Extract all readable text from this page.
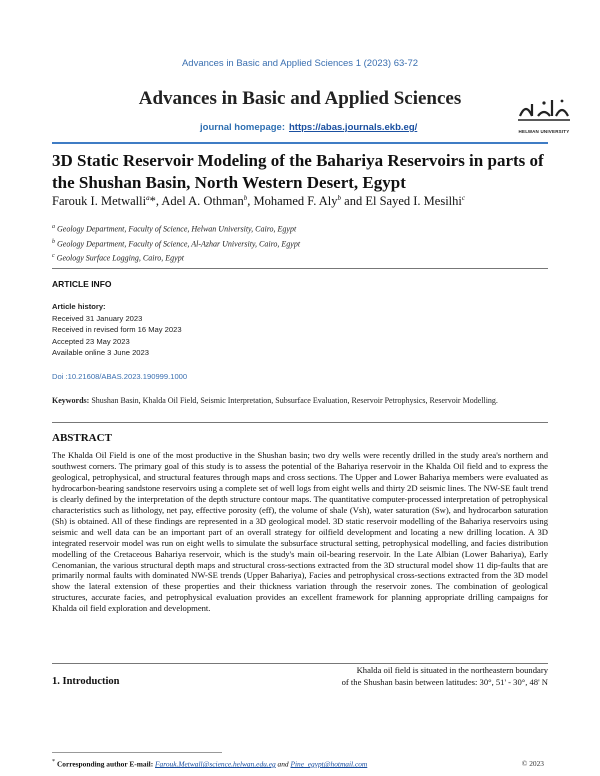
Advances in Basic and Applied Sciences 1 (2023) 63-72
Advances in Basic and Applied Sciences
journal homepage: https://abas.journals.ekb.eg/	HELWAN UNIVERSITY
3D Static Reservoir Modeling of the Bahariya Reservoirs in parts of the Shushan Basin, North Western Desert, Egypt
Farouk I. Metwalli$^a$*, Adel A. Othman$^b$, Mohamed F. Aly$^b$ and El Sayed I. Mesilhi$^c$
$^a$ Geology Department, Faculty of Science, Helwan University, Cairo, Egypt
$^b$ Geology Department, Faculty of Science, Al-Azhar University, Cairo, Egypt
$^c$ Geology Surface Logging, Cairo, Egypt
ARTICLE INFO
Article history:
Received 31 January 2023
Received in revised form 16 May 2023
Accepted 23 May 2023
Available online 3 June 2023
Doi :10.21608/ABAS.2023.190999.1000
Keywords: Shushan Basin, Khalda Oil Field, Seismic Interpretation, Subsurface Evaluation, Reservoir Petrophysics, Reservoir Modelling.
ABSTRACT
The Khalda Oil Field is one of the most productive in the Shushan basin; two dry wells were recently drilled in the study area's northern and southwest corners. The primary goal of this study is to assess the potential of the Bahariya reservoir in the Khalda Oil field and to express the geological, petrophysical, and structural features through maps and cross sections. The Upper and Lower Bahariya members were evaluated as hydrocarbon-bearing sandstone reservoirs using a complete set of well logs from eight wells and thirty 2D seismic lines. The NW-SE fault trend is clearly defined by the interpretation of the depth structure contour maps. The quantitative computer-processed interpretation of petrophysical characteristics such as lithology, net pay, effective porosity (eff), the volume of shale (Vsh), water saturation (Sw), and hydrocarbon saturation (Sh) is obtained. All of these findings are represented in a 3D geological model. 3D static reservoir modelling of the Bahariya reservoirs using seismic and well data can be an important part of an overall strategy for oilfield development and locating a new drilling location. A 3D integrated reservoir model was run on eight wells to simulate the subsurface structural setting, petrophysical modelling, and facies distribution modelling of the Cretaceous Bahariya reservoir, which is the study's main oil-bearing reservoir. In the Late Albian (Lower Bahariya), Early Cenomanian, the various structural depth maps and structural cross-sections extracted from the 3D structural model show 11 dip-faults that are primarily normal faults with dominated NW-SE trends (Upper Bahariya), Facies and petrophysical cross-sections extracted from the 3D model show the lateral extension of these properties and their thickness variation through the reservoir zones. The combination of geological structures, accurate facies, and petrophysical evaluation provides an excellent framework for planning appropriate drilling campaigns for Khalda oil field exploration and development.
1. Introduction
Khalda oil field is situated in the northeastern boundary
of the Shushan basin between latitudes: 30°, 51' - 30°, 48' N
* Corresponding author E-mail: Farouk.Metwall@science.helwan.edu.eg and Pine_egypt@hotmail.com	© 2023
